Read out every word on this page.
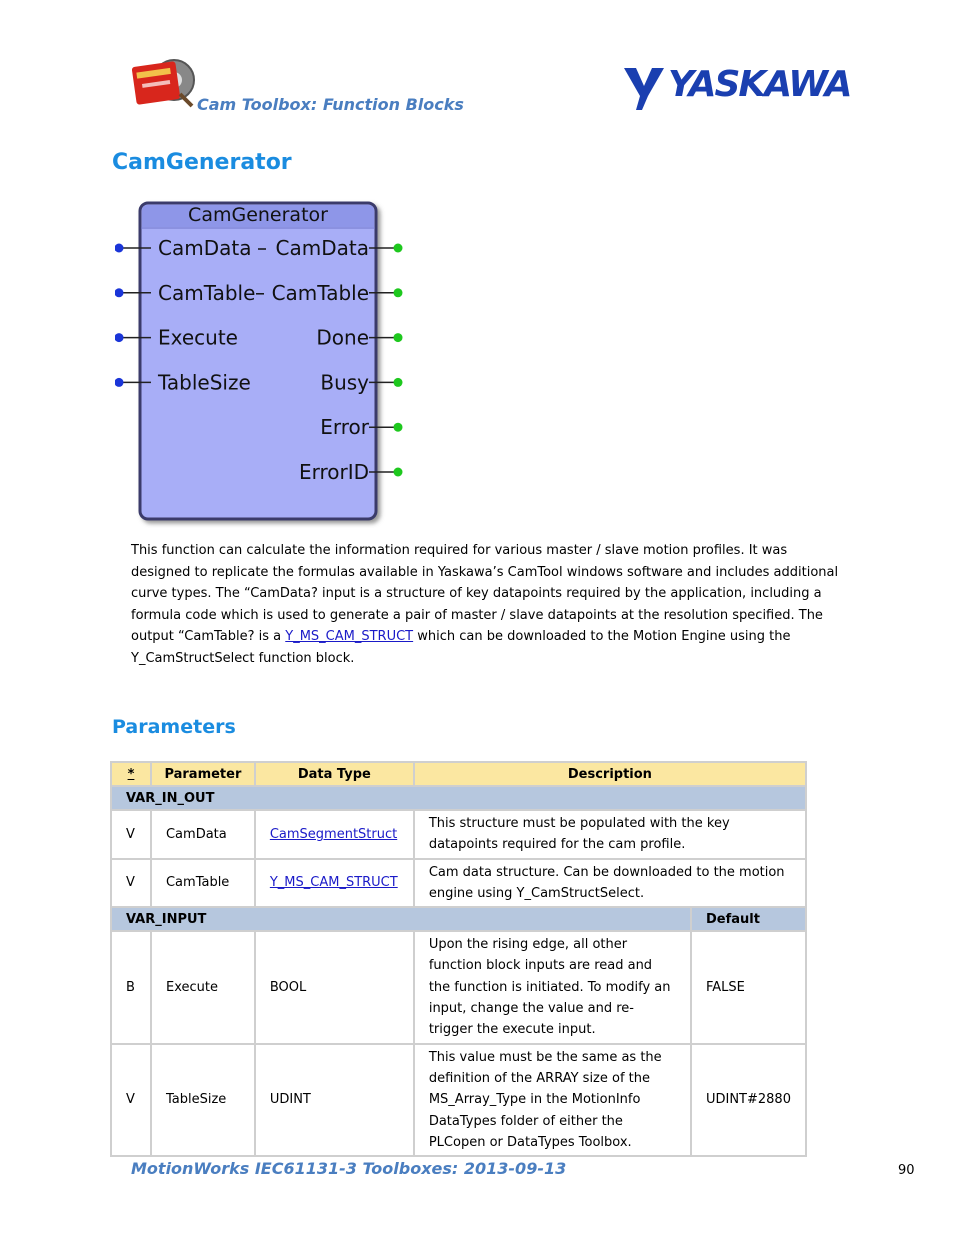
Cam Toolbox: Function Blocks	YASKAWA
CamGenerator
CamGenerator
CamData
CamTable
Execute
TableSize
CamData
CamTable
Done
Busy
Error
ErrorID
This function can calculate the information required for various master / slave motion profiles. It was designed to replicate the formulas available in Yaskawa’s CamTool windows software and includes additional curve types. The “CamData? input is a structure of key datapoints required by the application, including a formula code which is used to generate a pair of master / slave datapoints at the resolution specified. The output “CamTable? is a Y_MS_CAM_STRUCT which can be downloaded to the Motion Engine using the Y_CamStructSelect function block.
Parameters
*	Parameter	Data Type	Description	
VAR_IN_OUT				
V	CamData	CamSegmentStruct	This structure must be populated with the key datapoints required for the cam profile.	
V	CamTable	Y_MS_CAM_STRUCT	Cam data structure. Can be downloaded to the motion engine using Y_CamStructSelect.	
VAR_INPUT				Default
B	Execute	BOOL	Upon the rising edge, all other function block inputs are read and the function is initiated. To modify an input, change the value and re-trigger the execute input.	FALSE
V	TableSize	UDINT	This value must be the same as the definition of the ARRAY size of the MS_Array_Type in the MotionInfo DataTypes folder of either the PLCopen or DataTypes Toolbox.	UDINT#2880
MotionWorks IEC61131-3 Toolboxes: 2013-09-13	90
